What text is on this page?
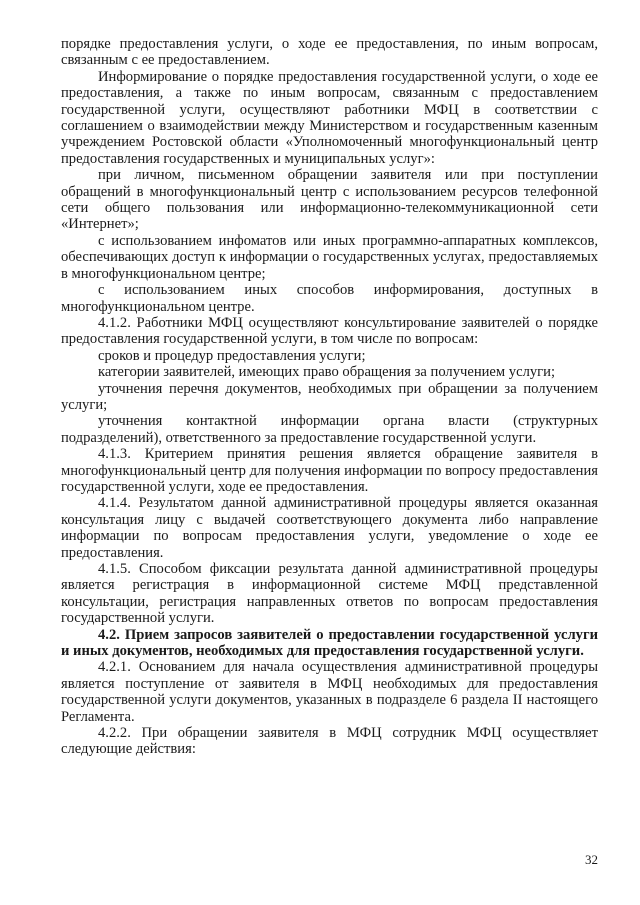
порядке предоставления услуги, о ходе ее предоставления, по иным вопросам, связанным с ее предоставлением.

Информирование о порядке предоставления государственной услуги, о ходе ее предоставления, а также по иным вопросам, связанным с предоставлением государственной услуги, осуществляют работники МФЦ в соответствии с соглашением о взаимодействии между Министерством и государственным казенным учреждением Ростовской области «Уполномоченный многофункциональный центр предоставления государственных и муниципальных услуг»:

при личном, письменном обращении заявителя или при поступлении обращений в многофункциональный центр с использованием ресурсов телефонной сети общего пользования или информационно-телекоммуникационной сети «Интернет»;

с использованием инфоматов или иных программно-аппаратных комплексов, обеспечивающих доступ к информации о государственных услугах, предоставляемых в многофункциональном центре;

с использованием иных способов информирования, доступных в многофункциональном центре.

4.1.2. Работники МФЦ осуществляют консультирование заявителей о порядке предоставления государственной услуги, в том числе по вопросам:

сроков и процедур предоставления услуги;

категории заявителей, имеющих право обращения за получением услуги;

уточнения перечня документов, необходимых при обращении за получением услуги;

уточнения контактной информации органа власти (структурных подразделений), ответственного за предоставление государственной услуги.

4.1.3. Критерием принятия решения является обращение заявителя в многофункциональный центр для получения информации по вопросу предоставления государственной услуги, ходе ее предоставления.

4.1.4. Результатом данной административной процедуры является оказанная консультация лицу с выдачей соответствующего документа либо направление информации по вопросам предоставления услуги, уведомление о ходе ее предоставления.

4.1.5. Способом фиксации результата данной административной процедуры является регистрация в информационной системе МФЦ представленной консультации, регистрация направленных ответов по вопросам предоставления государственной услуги.

4.2. Прием запросов заявителей о предоставлении государственной услуги и иных документов, необходимых для предоставления государственной услуги.

4.2.1. Основанием для начала осуществления административной процедуры является поступление от заявителя в МФЦ необходимых для предоставления государственной услуги документов, указанных в подразделе 6 раздела II настоящего Регламента.

4.2.2. При обращении заявителя в МФЦ сотрудник МФЦ осуществляет следующие действия:

32
